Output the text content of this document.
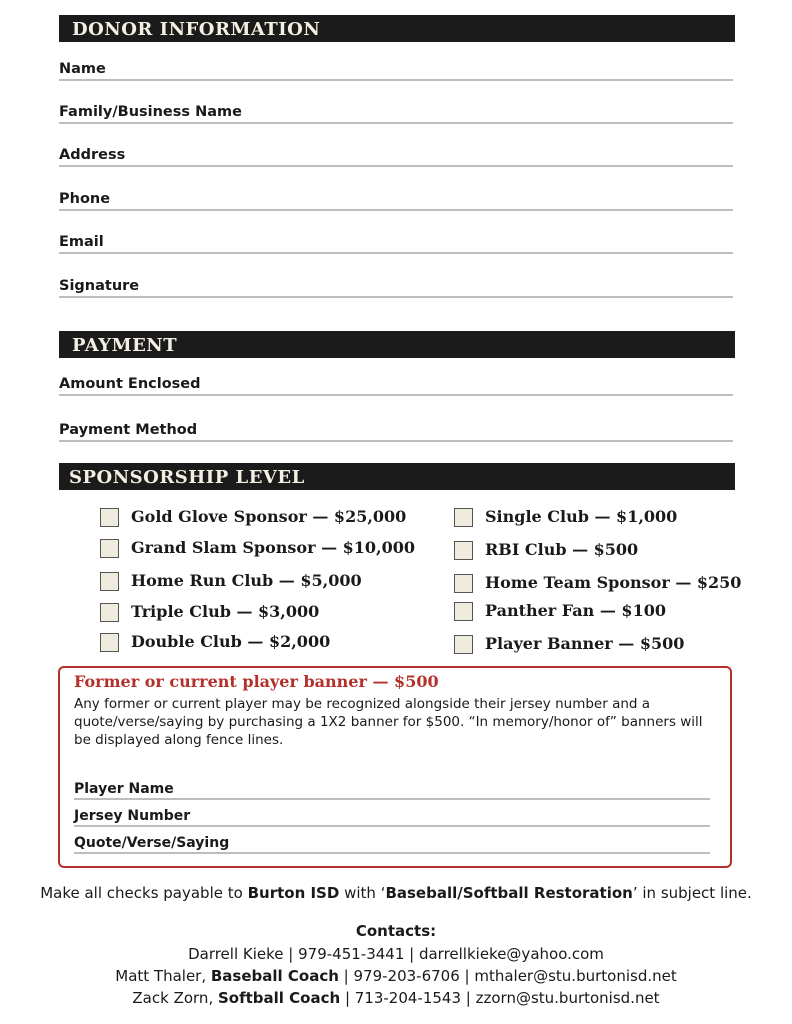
DONOR INFORMATION
Name
Family/Business Name
Address
Phone
Email
Signature
PAYMENT
Amount Enclosed
Payment Method
SPONSORSHIP LEVEL
Gold Glove Sponsor — $25,000
Grand Slam Sponsor — $10,000
Home Run Club — $5,000
Triple Club — $3,000
Double Club — $2,000
Single Club — $1,000
RBI Club — $500
Home Team Sponsor — $250
Panther Fan — $100
Player Banner — $500
Former or current player banner — $500
Any former or current player may be recognized alongside their jersey number and a quote/verse/saying by purchasing a 1X2 banner for $500. “In memory/honor of” banners will be displayed along fence lines.
Player Name
Jersey Number
Quote/Verse/Saying
Make all checks payable to Burton ISD with ‘Baseball/Softball Restoration’ in subject line.
Contacts:
Darrell Kieke | 979-451-3441 | darrellkieke@yahoo.com
Matt Thaler, Baseball Coach | 979-203-6706 | mthaler@stu.burtonisd.net
Zack Zorn, Softball Coach | 713-204-1543 | zzorn@stu.burtonisd.net
